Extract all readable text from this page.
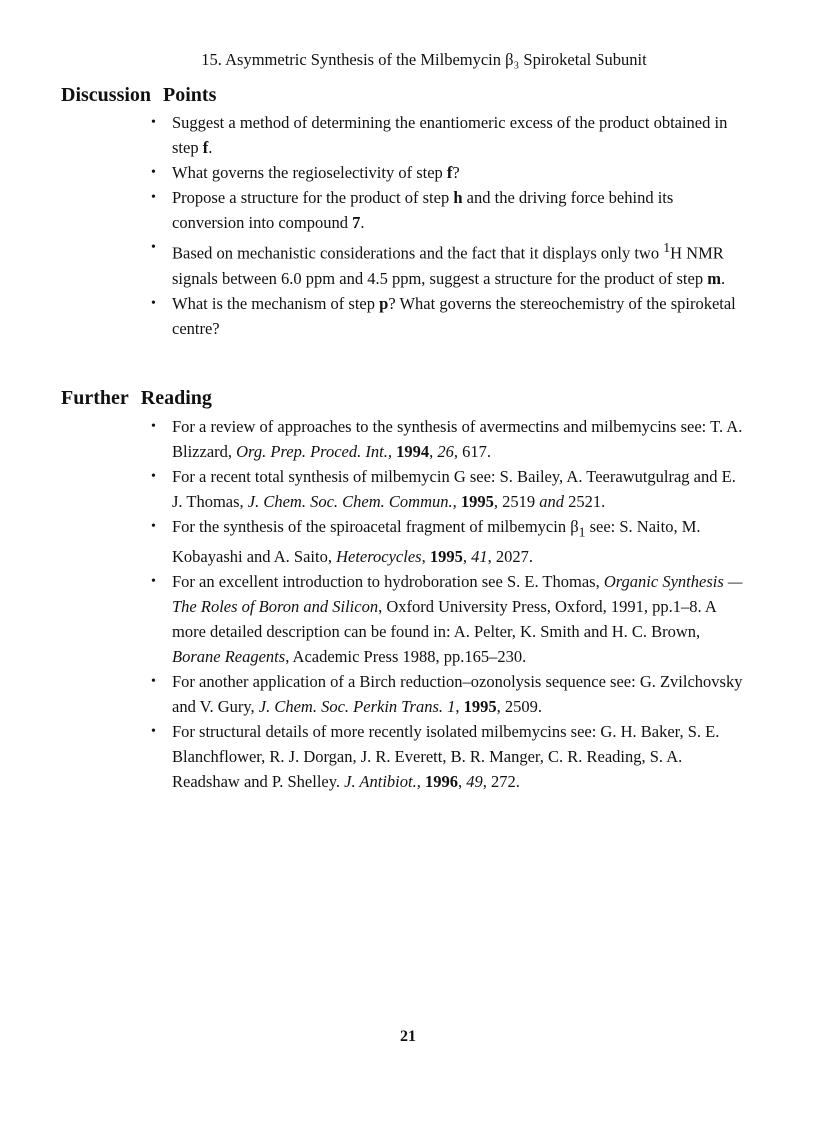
15. Asymmetric Synthesis of the Milbemycin β₃ Spiroketal Subunit
Discussion Points
• Suggest a method of determining the enantiomeric excess of the product obtained in step f.
• What governs the regioselectivity of step f?
• Propose a structure for the product of step h and the driving force behind its conversion into compound 7.
• Based on mechanistic considerations and the fact that it displays only two $^1$H NMR signals between 6.0 ppm and 4.5 ppm, suggest a structure for the product of step m.
• What is the mechanism of step p? What governs the stereochemistry of the spiroketal centre?
Further Reading
• For a review of approaches to the synthesis of avermectins and milbemycins see: T. A. Blizzard, Org. Prep. Proced. Int., 1994, 26, 617.
• For a recent total synthesis of milbemycin G see: S. Bailey, A. Teerawutgulrag and E. J. Thomas, J. Chem. Soc. Chem. Commun., 1995, 2519 and 2521.
• For the synthesis of the spiroacetal fragment of milbemycin $\beta_1$ see: S. Naito, M. Kobayashi and A. Saito, Heterocycles, 1995, 41, 2027.
• For an excellent introduction to hydroboration see S. E. Thomas, Organic Synthesis — The Roles of Boron and Silicon, Oxford University Press, Oxford, 1991, pp.1–8. A more detailed description can be found in: A. Pelter, K. Smith and H. C. Brown, Borane Reagents, Academic Press 1988, pp.165–230.
• For another application of a Birch reduction–ozonolysis sequence see: G. Zvilchovsky and V. Gury, J. Chem. Soc. Perkin Trans. 1, 1995, 2509.
• For structural details of more recently isolated milbemycins see: G. H. Baker, S. E. Blanchflower, R. J. Dorgan, J. R. Everett, B. R. Manger, C. R. Reading, S. A. Readshaw and P. Shelley. J. Antibiot., 1996, 49, 272.
21
